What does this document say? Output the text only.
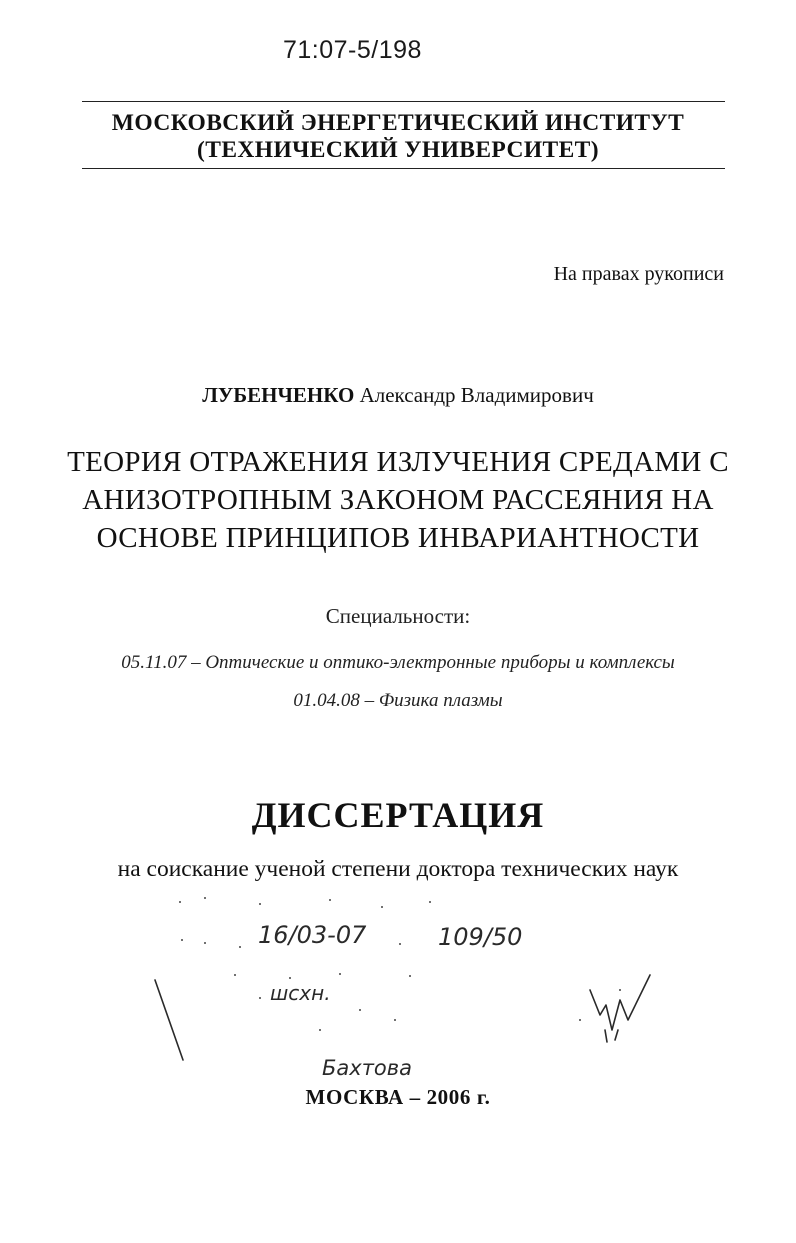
71:07-5/198
МОСКОВСКИЙ ЭНЕРГЕТИЧЕСКИЙ ИНСТИТУТ
(ТЕХНИЧЕСКИЙ УНИВЕРСИТЕТ)
На правах рукописи
ЛУБЕНЧЕНКО Александр Владимирович
ТЕОРИЯ ОТРАЖЕНИЯ ИЗЛУЧЕНИЯ СРЕДАМИ С
АНИЗОТРОПНЫМ ЗАКОНОМ РАССЕЯНИЯ НА
ОСНОВЕ ПРИНЦИПОВ ИНВАРИАНТНОСТИ
Специальности:
05.11.07 – Оптические и оптико-электронные приборы и комплексы
01.04.08 – Физика плазмы
ДИССЕРТАЦИЯ
на соискание ученой степени доктора технических наук
16/03-07	109/50
шсхн.
Бахтова
МОСКВА – 2006 г.
